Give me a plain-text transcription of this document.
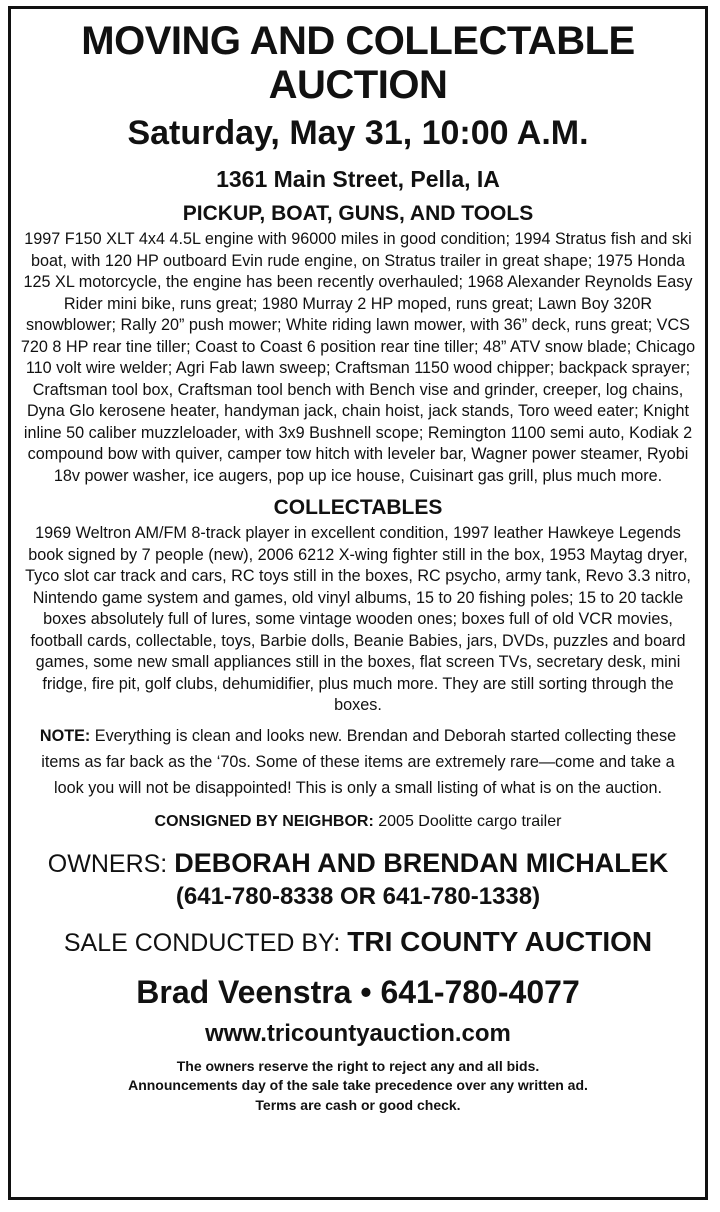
MOVING AND COLLECTABLE
AUCTION
Saturday, May 31, 10:00 A.M.
1361 Main Street, Pella, IA
PICKUP, BOAT, GUNS, AND TOOLS
1997 F150 XLT 4x4 4.5L engine with 96000 miles in good condition; 1994 Stratus fish and ski boat, with 120 HP outboard Evin rude engine, on Stratus trailer in great shape; 1975 Honda 125 XL motorcycle, the engine has been recently overhauled; 1968 Alexander Reynolds Easy Rider mini bike, runs great; 1980 Murray 2 HP moped, runs great; Lawn Boy 320R snowblower; Rally 20” push mower; White riding lawn mower, with 36” deck, runs great; VCS 720 8 HP rear tine tiller; Coast to Coast 6 position rear tine tiller; 48” ATV snow blade; Chicago 110 volt wire welder; Agri Fab lawn sweep; Craftsman 1150 wood chipper; backpack sprayer; Craftsman tool box, Craftsman tool bench with Bench vise and grinder, creeper, log chains, Dyna Glo kerosene heater, handyman jack, chain hoist, jack stands, Toro weed eater; Knight inline 50 caliber muzzleloader, with 3x9 Bushnell scope; Remington 1100 semi auto, Kodiak 2 compound bow with quiver, camper tow hitch with leveler bar, Wagner power steamer, Ryobi 18v power washer, ice augers, pop up ice house, Cuisinart gas grill, plus much more.
COLLECTABLES
1969 Weltron AM/FM 8-track player in excellent condition, 1997 leather Hawkeye Legends book signed by 7 people (new), 2006 6212 X-wing fighter still in the box, 1953 Maytag dryer, Tyco slot car track and cars, RC toys still in the boxes, RC psycho, army tank, Revo 3.3 nitro, Nintendo game system and games, old vinyl albums, 15 to 20 fishing poles; 15 to 20 tackle boxes absolutely full of lures, some vintage wooden ones; boxes full of old VCR movies, football cards, collectable, toys, Barbie dolls, Beanie Babies, jars, DVDs, puzzles and board games, some new small appliances still in the boxes, flat screen TVs, secretary desk, mini fridge, fire pit, golf clubs, dehumidifier, plus much more. They are still sorting through the boxes.
NOTE: Everything is clean and looks new. Brendan and Deborah started collecting these items as far back as the ‘70s. Some of these items are extremely rare—come and take a look you will not be disappointed! This is only a small listing of what is on the auction.
CONSIGNED BY NEIGHBOR: 2005 Doolitte cargo trailer
OWNERS: DEBORAH AND BRENDAN MICHALEK
(641-780-8338 OR 641-780-1338)
SALE CONDUCTED BY: TRI COUNTY AUCTION
Brad Veenstra • 641-780-4077
www.tricountyauction.com
The owners reserve the right to reject any and all bids.
Announcements day of the sale take precedence over any written ad.
Terms are cash or good check.
